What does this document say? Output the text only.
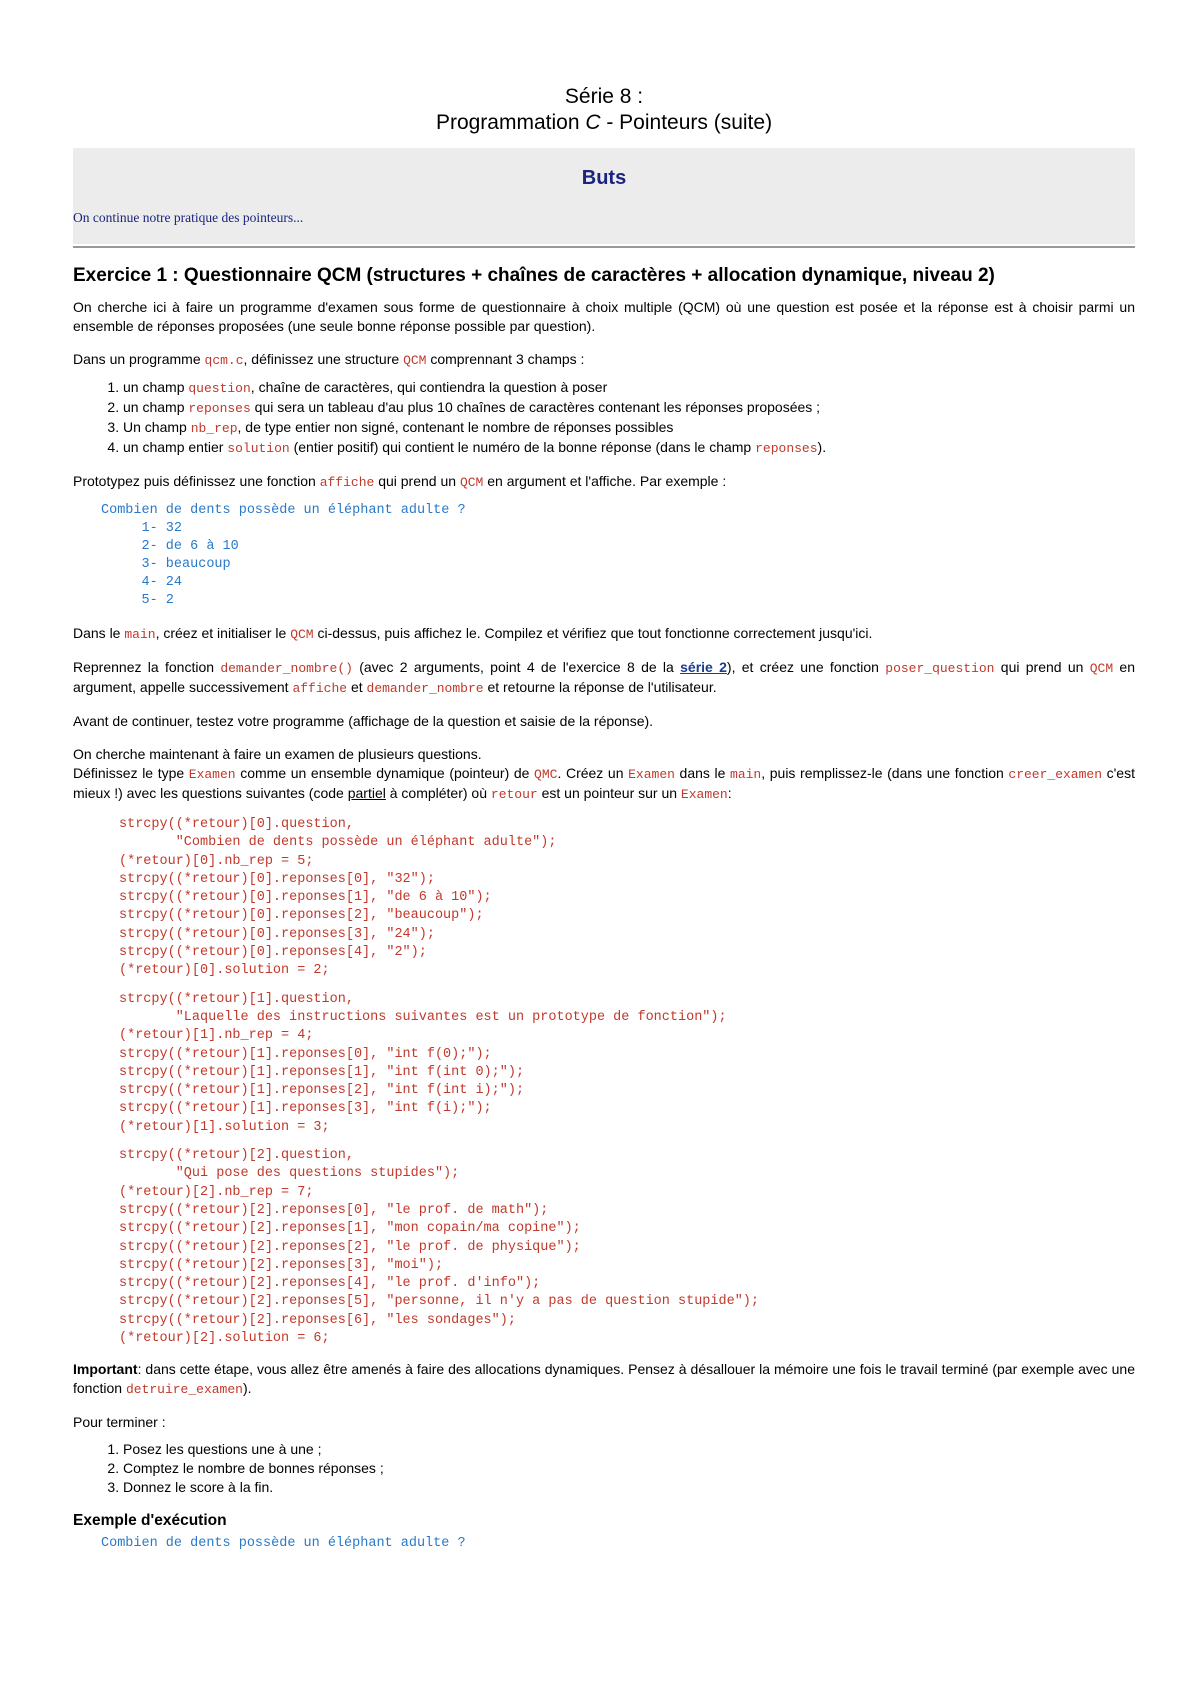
Série 8 :
Programmation C - Pointeurs (suite)
Buts
On continue notre pratique des pointeurs...
Exercice 1 : Questionnaire QCM (structures + chaînes de caractères + allocation dynamique, niveau 2)

On cherche ici à faire un programme d'examen sous forme de questionnaire à choix multiple (QCM) où une question est posée et la réponse est à choisir parmi un ensemble de réponses proposées (une seule bonne réponse possible par question).

Dans un programme qcm.c, définissez une structure QCM comprennant 3 champs :

1. un champ question, chaîne de caractères, qui contiendra la question à poser
2. un champ reponses qui sera un tableau d'au plus 10 chaînes de caractères contenant les réponses proposées ;
3. Un champ nb_rep, de type entier non signé, contenant le nombre de réponses possibles
4. un champ entier solution (entier positif) qui contient le numéro de la bonne réponse (dans le champ reponses).

Prototypez puis définissez une fonction affiche qui prend un QCM en argument et l'affiche. Par exemple :

Combien de dents possède un éléphant adulte ?
1- 32
2- de 6 à 10
3- beaucoup
4- 24
5- 2

Dans le main, créez et initialiser le QCM ci-dessus, puis affichez le. Compilez et vérifiez que tout fonctionne correctement jusqu'ici.

Reprennez la fonction demander_nombre() (avec 2 arguments, point 4 de l'exercice 8 de la série 2), et créez une fonction poser_question qui prend un QCM en argument, appelle successivement affiche et demander_nombre et retourne la réponse de l'utilisateur.

Avant de continuer, testez votre programme (affichage de la question et saisie de la réponse).

On cherche maintenant à faire un examen de plusieurs questions.
Définissez le type Examen comme un ensemble dynamique (pointeur) de QMC. Créez un Examen dans le main, puis remplissez-le (dans une fonction creer_examen c'est mieux !) avec les questions suivantes (code partiel à compléter) où retour est un pointeur sur un Examen:

strcpy((*retour)[0].question,
"Combien de dents possède un éléphant adulte");
(*retour)[0].nb_rep = 5;
strcpy((*retour)[0].reponses[0], "32");
strcpy((*retour)[0].reponses[1], "de 6 à 10");
strcpy((*retour)[0].reponses[2], "beaucoup");
strcpy((*retour)[0].reponses[3], "24");
strcpy((*retour)[0].reponses[4], "2");
(*retour)[0].solution = 2;
strcpy((*retour)[1].question,
"Laquelle des instructions suivantes est un prototype de fonction");
(*retour)[1].nb_rep = 4;
strcpy((*retour)[1].reponses[0], "int f(0);");
strcpy((*retour)[1].reponses[1], "int f(int 0);");
strcpy((*retour)[1].reponses[2], "int f(int i);");
strcpy((*retour)[1].reponses[3], "int f(i);");
(*retour)[1].solution = 3;
strcpy((*retour)[2].question,
"Qui pose des questions stupides");
(*retour)[2].nb_rep = 7;
strcpy((*retour)[2].reponses[0], "le prof. de math");
strcpy((*retour)[2].reponses[1], "mon copain/ma copine");
strcpy((*retour)[2].reponses[2], "le prof. de physique");
strcpy((*retour)[2].reponses[3], "moi");
strcpy((*retour)[2].reponses[4], "le prof. d'info");
strcpy((*retour)[2].reponses[5], "personne, il n'y a pas de question stupide");
strcpy((*retour)[2].reponses[6], "les sondages");
(*retour)[2].solution = 6;

Important: dans cette étape, vous allez être amenés à faire des allocations dynamiques. Pensez à désallouer la mémoire une fois le travail terminé (par exemple avec une fonction detruire_examen).

Pour terminer :

1. Posez les questions une à une ;
2. Comptez le nombre de bonnes réponses ;
3. Donnez le score à la fin.
Exemple d'exécution
Combien de dents possède un éléphant adulte ?
